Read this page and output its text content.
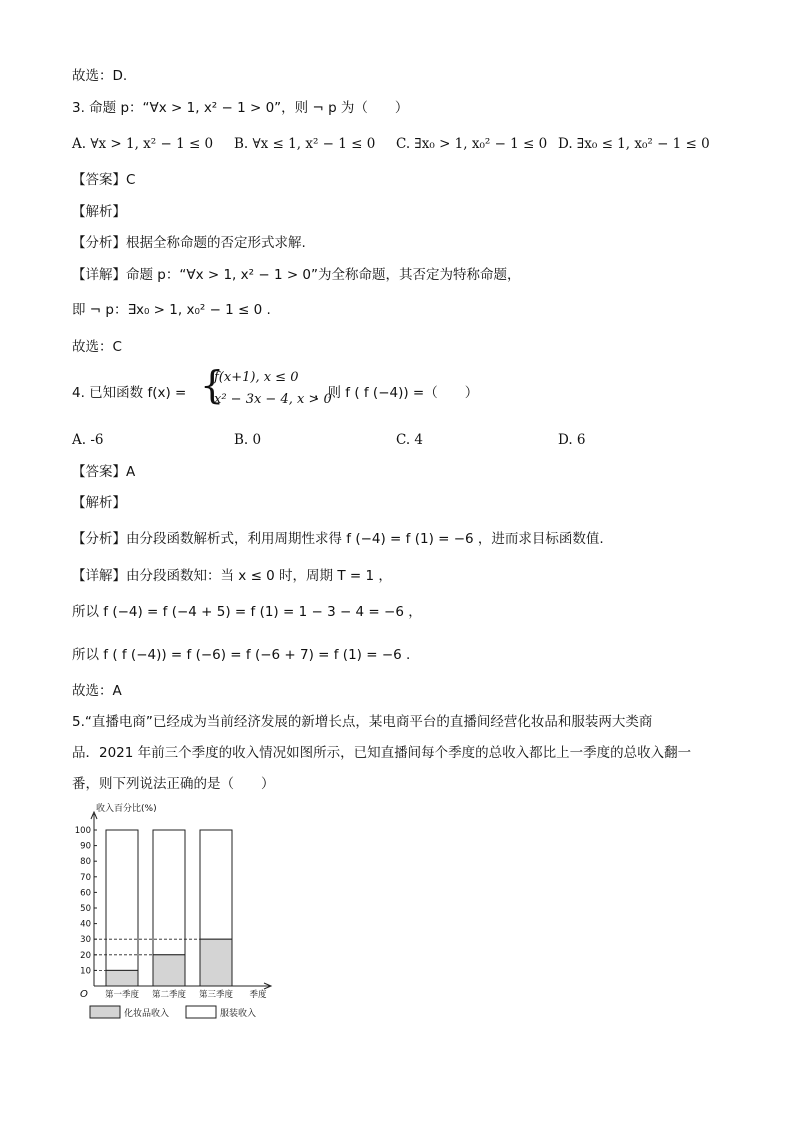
故选：D.
3. 命题 p：“∀x > 1, x² − 1 > 0”，则 ¬ p 为（　　）
A. ∀x > 1, x² − 1 ≤ 0 B. ∀x ≤ 1, x² − 1 ≤ 0 C. ∃x₀ > 1, x₀² − 1 ≤ 0 D. ∃x₀ ≤ 1, x₀² − 1 ≤ 0
【答案】C
【解析】
【分析】根据全称命题的否定形式求解.
【详解】命题 p：“∀x > 1, x² − 1 > 0”为全称命题，其否定为特称命题，
即 ¬ p：∃x₀ > 1, x₀² − 1 ≤ 0 .
故选：C
4. 已知函数 f(x) = {
f(x+1), x ≤ 0
x² − 3x − 4, x > 0
，则 f ( f (−4)) =（　　）
A. -6	B. 0	C. 4	D. 6
【答案】A
【解析】
【分析】由分段函数解析式，利用周期性求得 f (−4) = f (1) = −6 ，进而求目标函数值.
【详解】由分段函数知：当 x ≤ 0 时，周期 T = 1 ，
所以 f (−4) = f (−4 + 5) = f (1) = 1 − 3 − 4 = −6 ，
所以 f ( f (−4)) = f (−6) = f (−6 + 7) = f (1) = −6 .
故选：A
5.“直播电商”已经成为当前经济发展的新增长点，某电商平台的直播间经营化妆品和服装两大类商
品．2021 年前三个季度的收入情况如图所示，已知直播间每个季度的总收入都比上一季度的总收入翻一
番，则下列说法正确的是（　　）
收入百分比(%)
O
10
20
30
40
50
60
70
80
90
100
第一季度 第二季度 第三季度 季度
化妆品收入	服装收入
